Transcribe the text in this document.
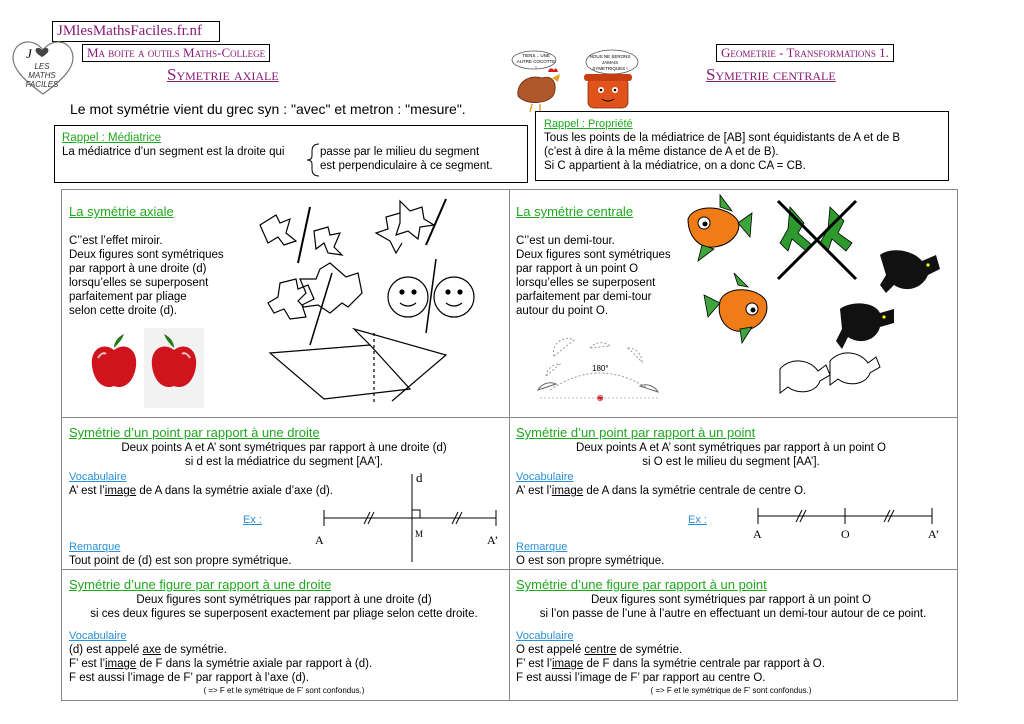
JMlesMathsFaciles.fr.nf
J
LES MATHS FACILES
Ma boite a outils Maths-College	Geometrie - Transformations 1.
Symetrie axiale	Symetrie centrale
TIENS... UNE AUTRE COCOTTE !
NOUS NE SERONS JAMAIS SYMETRIQUES !
Le mot symétrie vient du grec syn : "avec" et metron : "mesure".
Rappel : Médiatrice
La médiatrice d’un segment est la droite qui	passe par le milieu du segment
est perpendiculaire à ce segment.
Rappel : Propriété
Tous les points de la médiatrice de [AB] sont équidistants de A et de B
(c’est à dire à la même distance de A et de B).
Si C appartient à la médiatrice, on a donc CA = CB.
La symétrie axiale
C’’est l’effet miroir.
Deux figures sont symétriques
par rapport à une droite (d)
lorsqu’elles se superposent
parfaitement par pliage
selon cette droite (d).
La symétrie centrale
C’’est un demi-tour.
Deux figures sont symétriques
par rapport à un point O
lorsqu’elles se superposent
parfaitement par demi-tour
autour du point O.
180°
O
Symétrie d’un point par rapport à une droite
Deux points A et A’ sont symétriques par rapport à une droite (d)
si d est la médiatrice du segment [AA’].
Vocabulaire
A’ est l’image de A dans la symétrie axiale d’axe (d).
Ex :
Remarque
Tout point de (d) est son propre symétrique.
d
A	M	A’
Symétrie d’un point par rapport à un point
Deux points A et A’ sont symétriques par rapport à un point O
si O est le milieu du segment [AA’].
Vocabulaire
A’ est l’image de A dans la symétrie centrale de centre O.
Ex :
Remarque
O est son propre symétrique.
A	O	A’
Symétrie d’une figure par rapport à une droite
Deux figures sont symétriques par rapport à une droite (d)
si ces deux figures se superposent exactement par pliage selon cette droite.
Vocabulaire
(d) est appelé axe de symétrie.
F’ est l’image de F dans la symétrie axiale par rapport à (d).
F est aussi l’image de F’ par rapport à l’axe (d).
( => F et le symétrique de F’ sont confondus.)
Symétrie d’une figure par rapport à un point
Deux figures sont symétriques par rapport à un point O
si l’on passe de l’une à l’autre en effectuant un demi-tour autour de ce point.
Vocabulaire
O est appelé centre de symétrie.
F’ est l’image de F dans la symétrie centrale par rapport à O.
F est aussi l’image de F’ par rapport au centre O.
( => F et le symétrique de F’ sont confondus.)
